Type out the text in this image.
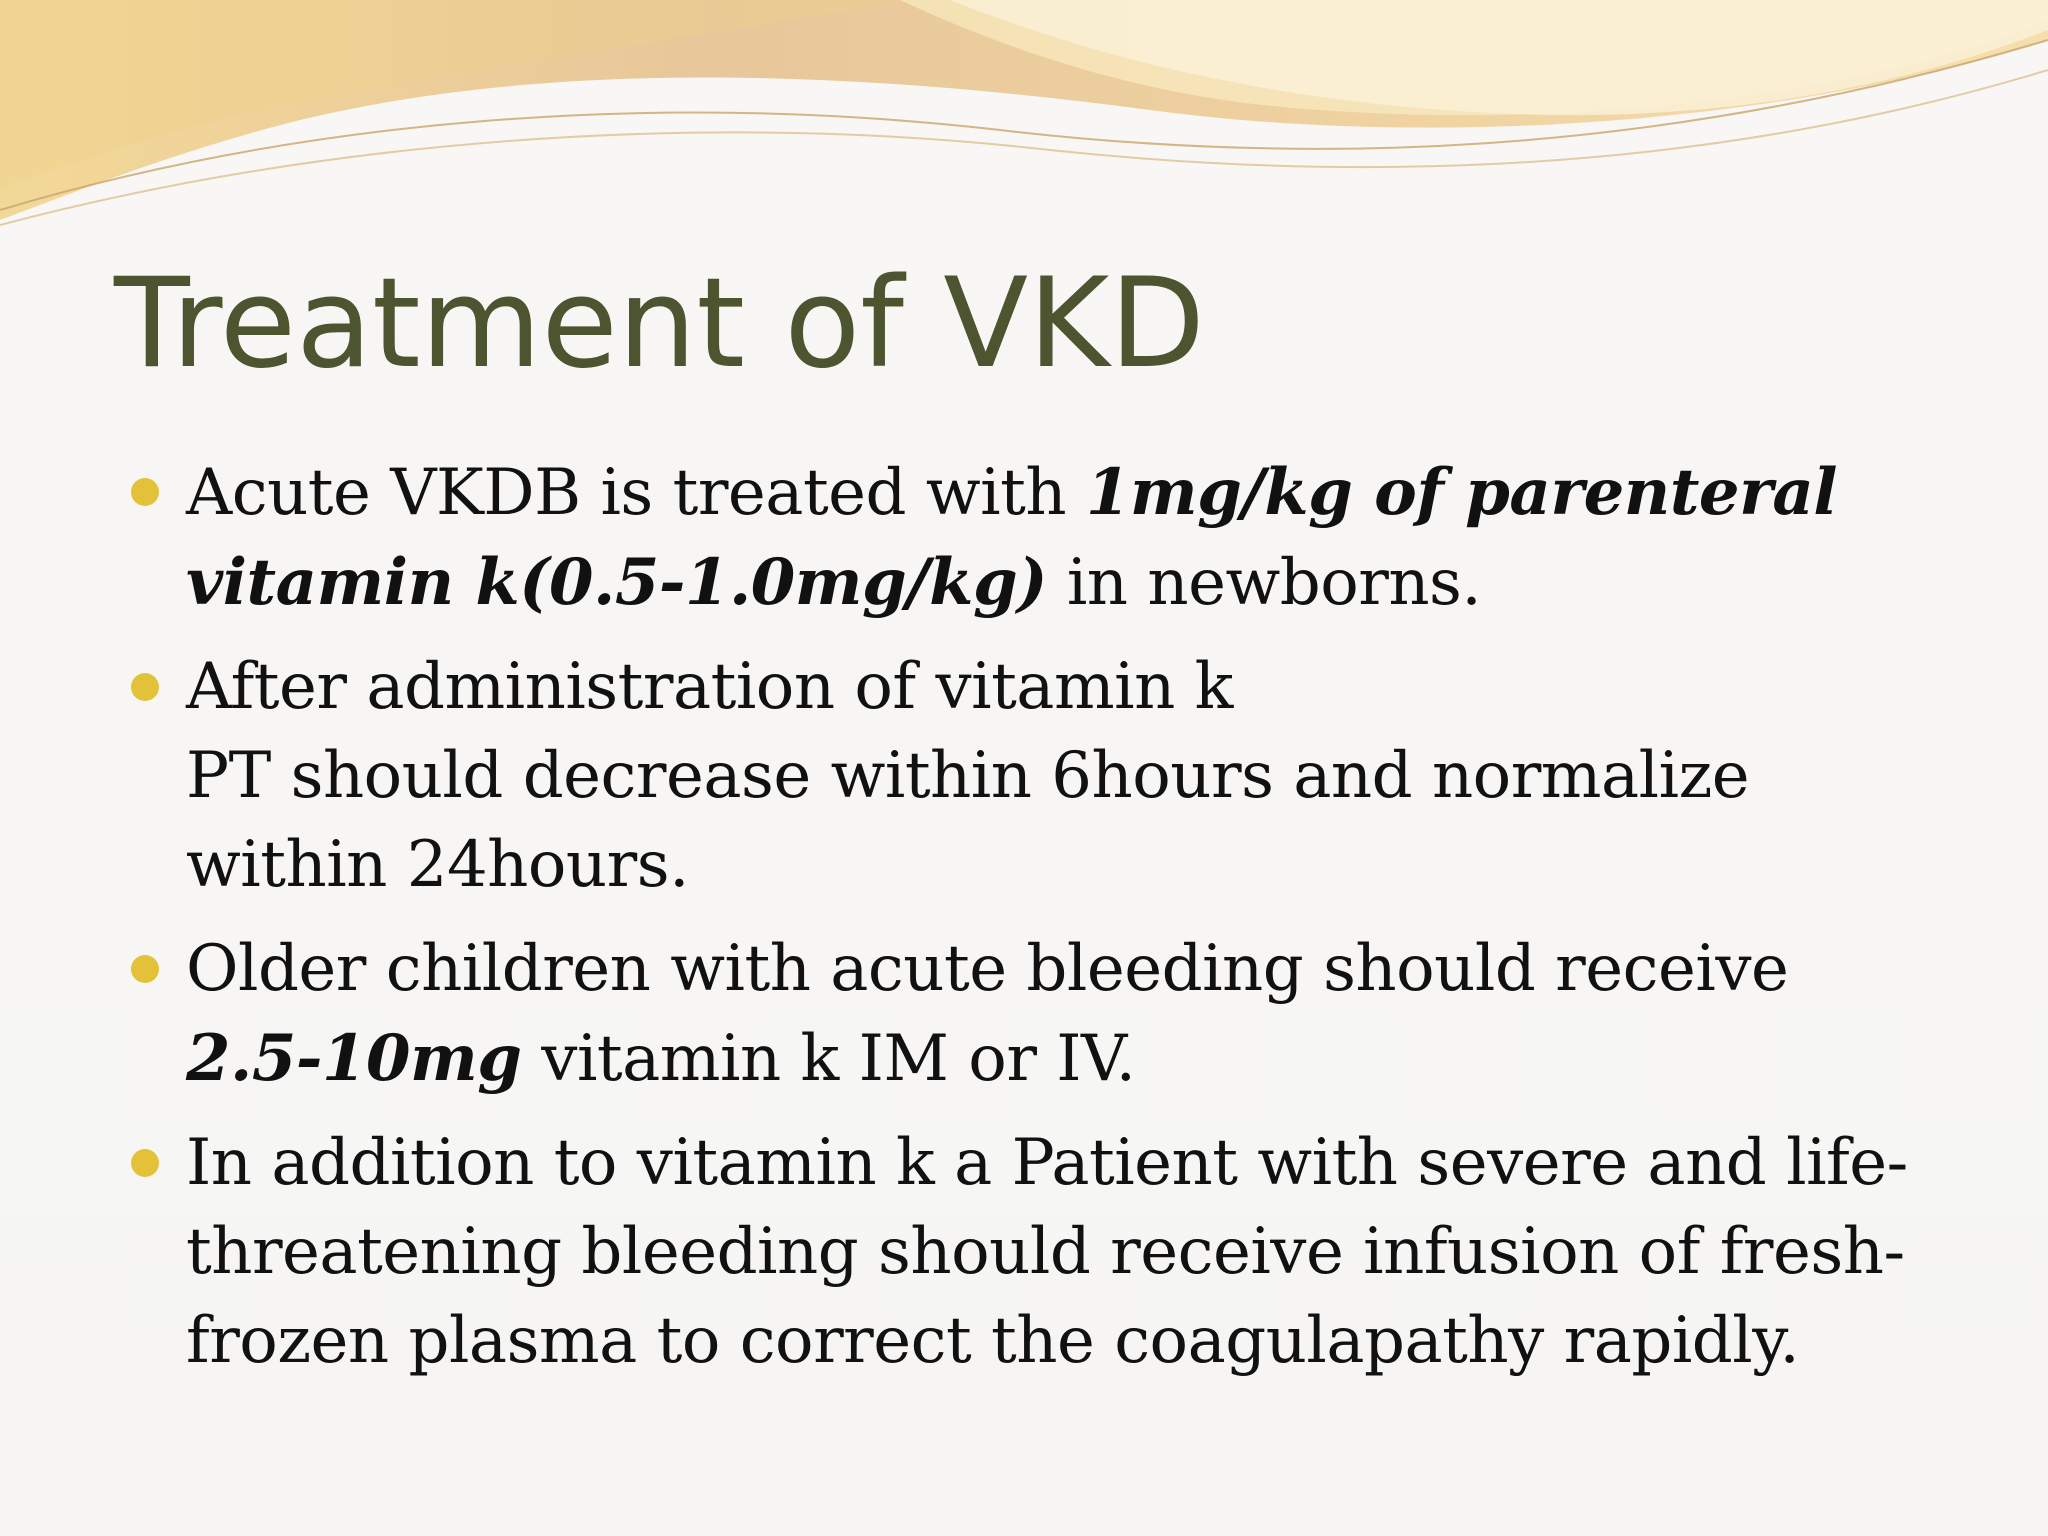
Treatment of VKD
Acute VKDB is treated with 1mg/kg of parenteral
vitamin k(0.5-1.0mg/kg) in newborns.
After administration of vitamin k
PT should decrease within 6hours and normalize
within 24hours.
Older children with acute bleeding should receive
2.5-10mg vitamin k IM or IV.
In addition to vitamin k a Patient with severe and life-
threatening bleeding should receive infusion of fresh-
frozen plasma to correct the coagulapathy rapidly.
